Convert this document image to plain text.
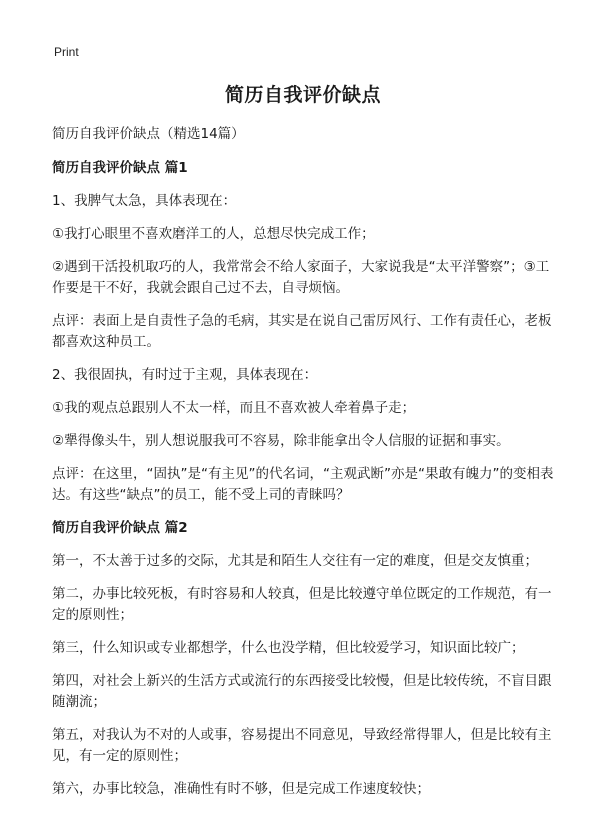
Print
简历自我评价缺点
简历自我评价缺点（精选14篇）
简历自我评价缺点 篇1

1、我脾气太急，具体表现在：

①我打心眼里不喜欢磨洋工的人，总想尽快完成工作；

②遇到干活投机取巧的人，我常常会不给人家面子，大家说我是“太平洋警察”；③工作要是干不好，我就会跟自己过不去，自寻烦恼。

点评：表面上是自责性子急的毛病，其实是在说自己雷厉风行、工作有责任心，老板都喜欢这种员工。

2、我很固执，有时过于主观，具体表现在：

①我的观点总跟别人不太一样，而且不喜欢被人牵着鼻子走；

②犟得像头牛，别人想说服我可不容易，除非能拿出令人信服的证据和事实。

点评：在这里，“固执”是“有主见”的代名词，“主观武断”亦是“果敢有魄力”的变相表达。有这些“缺点”的员工，能不受上司的青睐吗？

简历自我评价缺点 篇2

第一，不太善于过多的交际，尤其是和陌生人交往有一定的难度，但是交友慎重；

第二，办事比较死板，有时容易和人较真，但是比较遵守单位既定的工作规范，有一定的原则性；

第三，什么知识或专业都想学，什么也没学精，但比较爱学习，知识面比较广；

第四，对社会上新兴的生活方式或流行的东西接受比较慢，但是比较传统，不盲目跟随潮流；

第五，对我认为不对的人或事，容易提出不同意见，导致经常得罪人，但是比较有主见，有一定的原则性；

第六，办事比较急，准确性有时不够，但是完成工作速度较快；
